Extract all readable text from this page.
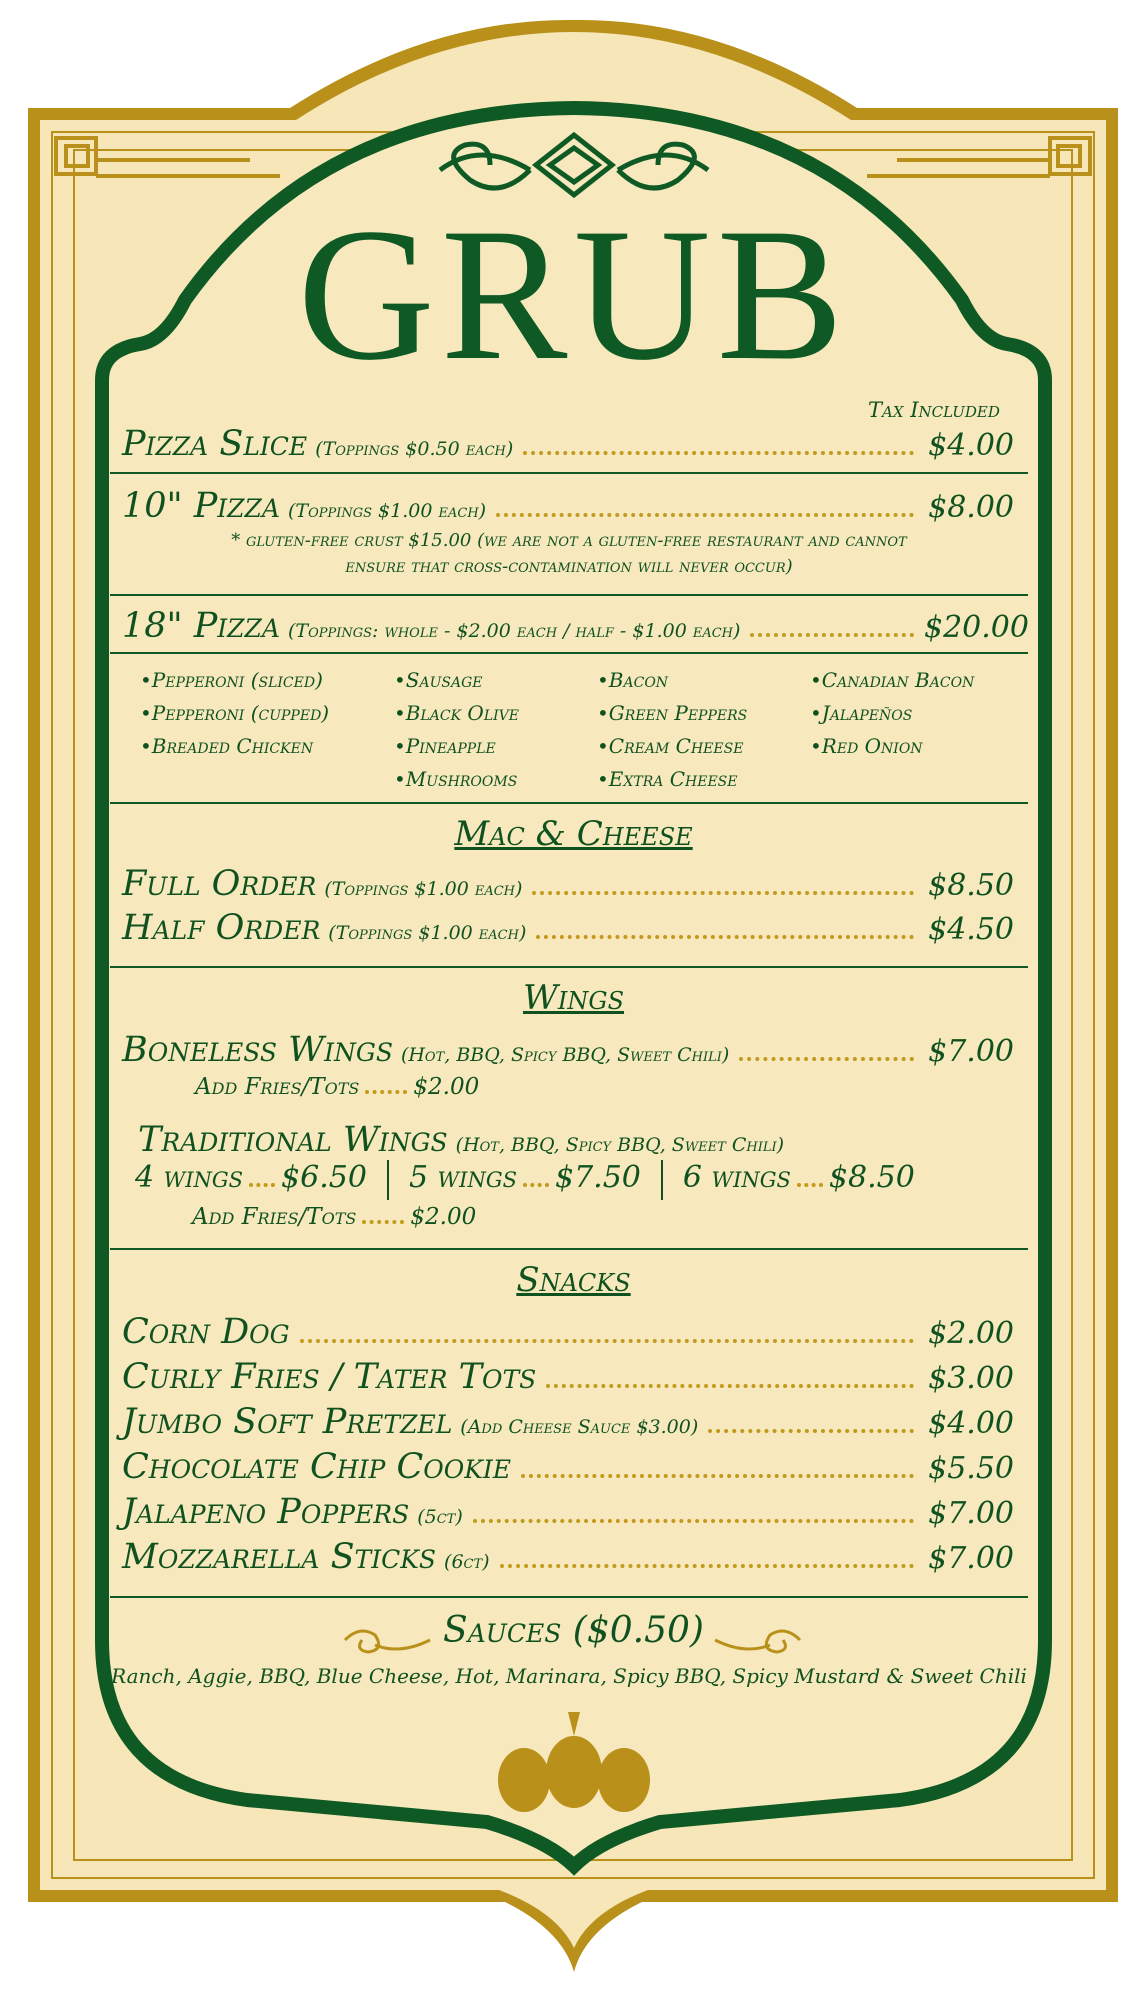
GRUB
Tax Included
Pizza Slice (Toppings $0.50 each)	$4.00
10" Pizza (Toppings $1.00 each)	$8.00
* gluten-free crust $15.00 (we are not a gluten-free restaurant and cannot
ensure that cross-contamination will never occur)
18" Pizza (Toppings: whole - $2.00 each / half - $1.00 each)	$20.00
• Pepperoni (sliced)
• Pepperoni (cupped)
• Breaded Chicken
• Sausage
• Black Olive
• Pineapple
• Mushrooms
• Bacon
• Green Peppers
• Cream Cheese
• Extra Cheese
• Canadian Bacon
• Jalapeños
• Red Onion
Mac & Cheese
Full Order (Toppings $1.00 each)	$8.50
Half Order (Toppings $1.00 each)	$4.50
Wings
Boneless Wings (Hot, BBQ, Spicy BBQ, Sweet Chili)	$7.00
Add Fries/Tots $2.00
Traditional Wings (Hot, BBQ, Spicy BBQ, Sweet Chili)
4 wings $6.50 5 wings $7.50 6 wings $8.50
Add Fries/Tots $2.00
Snacks
Corn Dog	$2.00
Curly Fries / Tater Tots	$3.00
Jumbo Soft Pretzel (Add Cheese Sauce $3.00)	$4.00
Chocolate Chip Cookie	$5.50
Jalapeno Poppers (5ct)	$7.00
Mozzarella Sticks (6ct)	$7.00
Sauces ($0.50)
Ranch, Aggie, BBQ, Blue Cheese, Hot, Marinara, Spicy BBQ, Spicy Mustard & Sweet Chili
